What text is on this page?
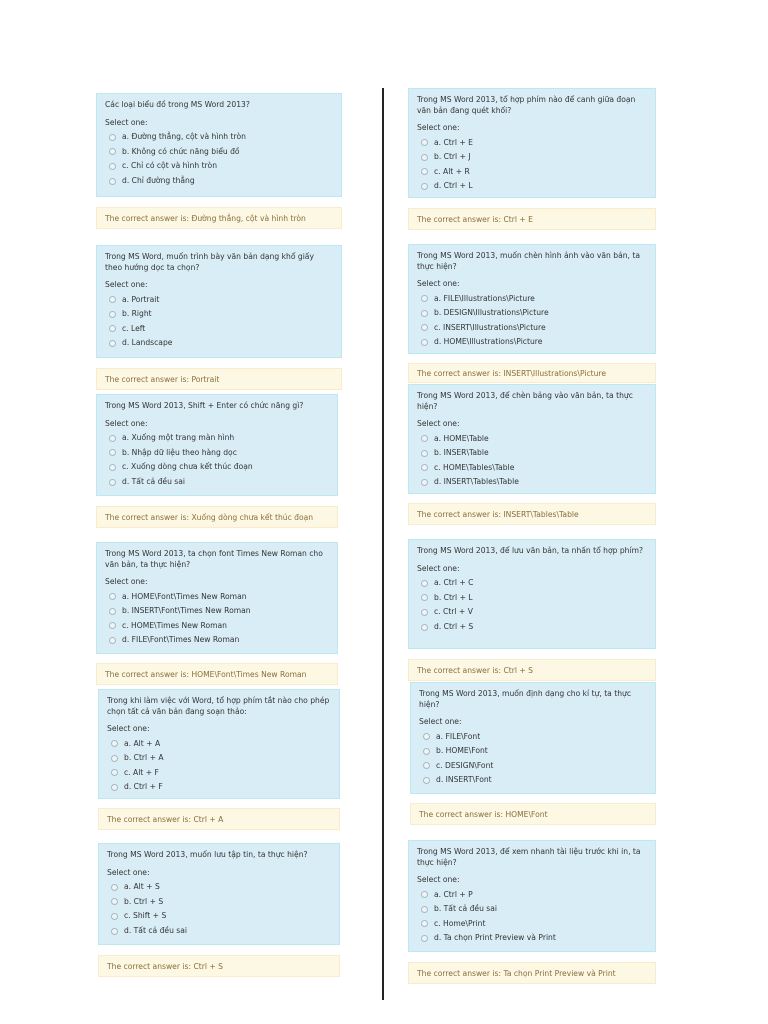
Các loại biểu đồ trong MS Word 2013?

Select one:
a. Đường thẳng, cột và hình tròn
b. Không có chức năng biểu đồ
c. Chỉ có cột và hình tròn
d. Chỉ đường thẳng
The correct answer is:
Đường thẳng, cột và hình tròn

Trong MS Word, muốn trình bày văn bản dạng khổ giấy theo hướng dọc ta chọn?

Select one:
a. Portrait
b. Right
c. Left
d. Landscape
The correct answer is:
Portrait

Trong MS Word 2013, Shift + Enter có chức năng gì?

Select one:
a. Xuống một trang màn hình
b. Nhập dữ liệu theo hàng dọc
c. Xuống dòng chưa kết thúc đoạn
d. Tất cả đều sai
The correct answer is:
Xuống dòng chưa kết thúc đoạn

Trong MS Word 2013, ta chọn font Times New Roman cho văn bản, ta thực hiện?

Select one:
a. HOME\Font\Times New Roman
b. INSERT\Font\Times New Roman
c. HOME\Times New Roman
d. FILE\Font\Times New Roman
The correct answer is:
HOME\Font\Times New Roman

Trong khi làm việc với Word, tổ hợp phím tắt nào cho phép chọn tất cả văn bản đang soạn thảo:

Select one:
a. Alt + A
b. Ctrl + A
c. Alt + F
d. Ctrl + F
The correct answer is:
Ctrl + A

Trong MS Word 2013, muốn lưu tập tin, ta thực hiện?

Select one:
a. Alt + S
b. Ctrl + S
c. Shift + S
d. Tất cả đều sai
The correct answer is:
Ctrl + S

Trong MS Word 2013, tổ hợp phím nào để canh giữa đoạn văn bản đang quét khối?

Select one:
a. Ctrl + E
b. Ctrl + J
c. Alt + R
d. Ctrl + L
The correct answer is:
Ctrl + E

Trong MS Word 2013, muốn chèn hình ảnh vào văn bản, ta thực hiện?

Select one:
a. FILE\Illustrations\Picture
b. DESIGN\Illustrations\Picture
c. INSERT\Illustrations\Picture
d. HOME\Illustrations\Picture
The correct answer is:
INSERT\Illustrations\Picture

Trong MS Word 2013, để chèn bảng vào văn bản, ta thực hiện?

Select one:
a. HOME\Table
b. INSER\Table
c. HOME\Tables\Table
d. INSERT\Tables\Table
The correct answer is:
INSERT\Tables\Table

Trong MS Word 2013, để lưu văn bản, ta nhấn tổ hợp phím?

Select one:
a. Ctrl + C
b. Ctrl + L
c. Ctrl + V
d. Ctrl + S
The correct answer is:
Ctrl + S

Trong MS Word 2013, muốn định dạng cho kí tự, ta thực hiện?

Select one:
a. FILE\Font
b. HOME\Font
c. DESIGN\Font
d. INSERT\Font
The correct answer is:
HOME\Font

Trong MS Word 2013, để xem nhanh tài liệu trước khi in, ta thực hiện?

Select one:
a. Ctrl + P
b. Tất cả đều sai
c. Home\Print
d. Ta chọn Print Preview và Print
The correct answer is:
Ta chọn Print Preview và Print
